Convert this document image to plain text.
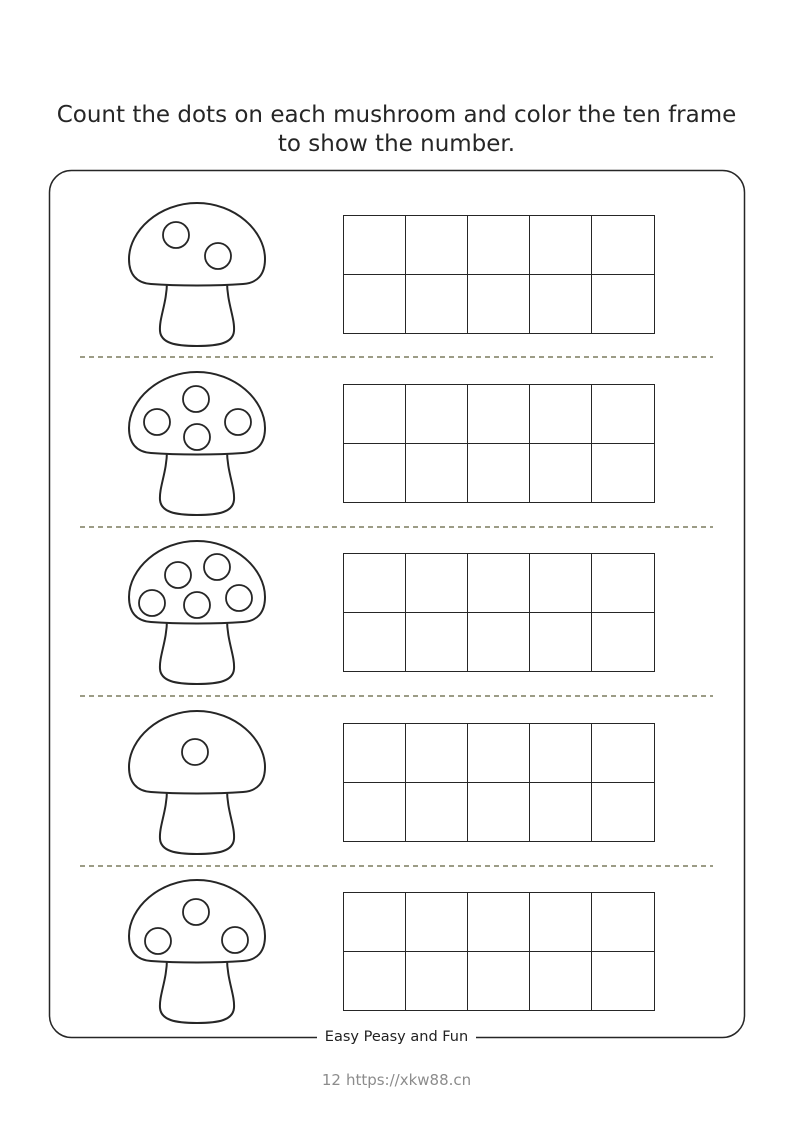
Count the dots on each mushroom and color the ten frame
to show the number.
Easy Peasy and Fun
12 https://xkw88.cn
